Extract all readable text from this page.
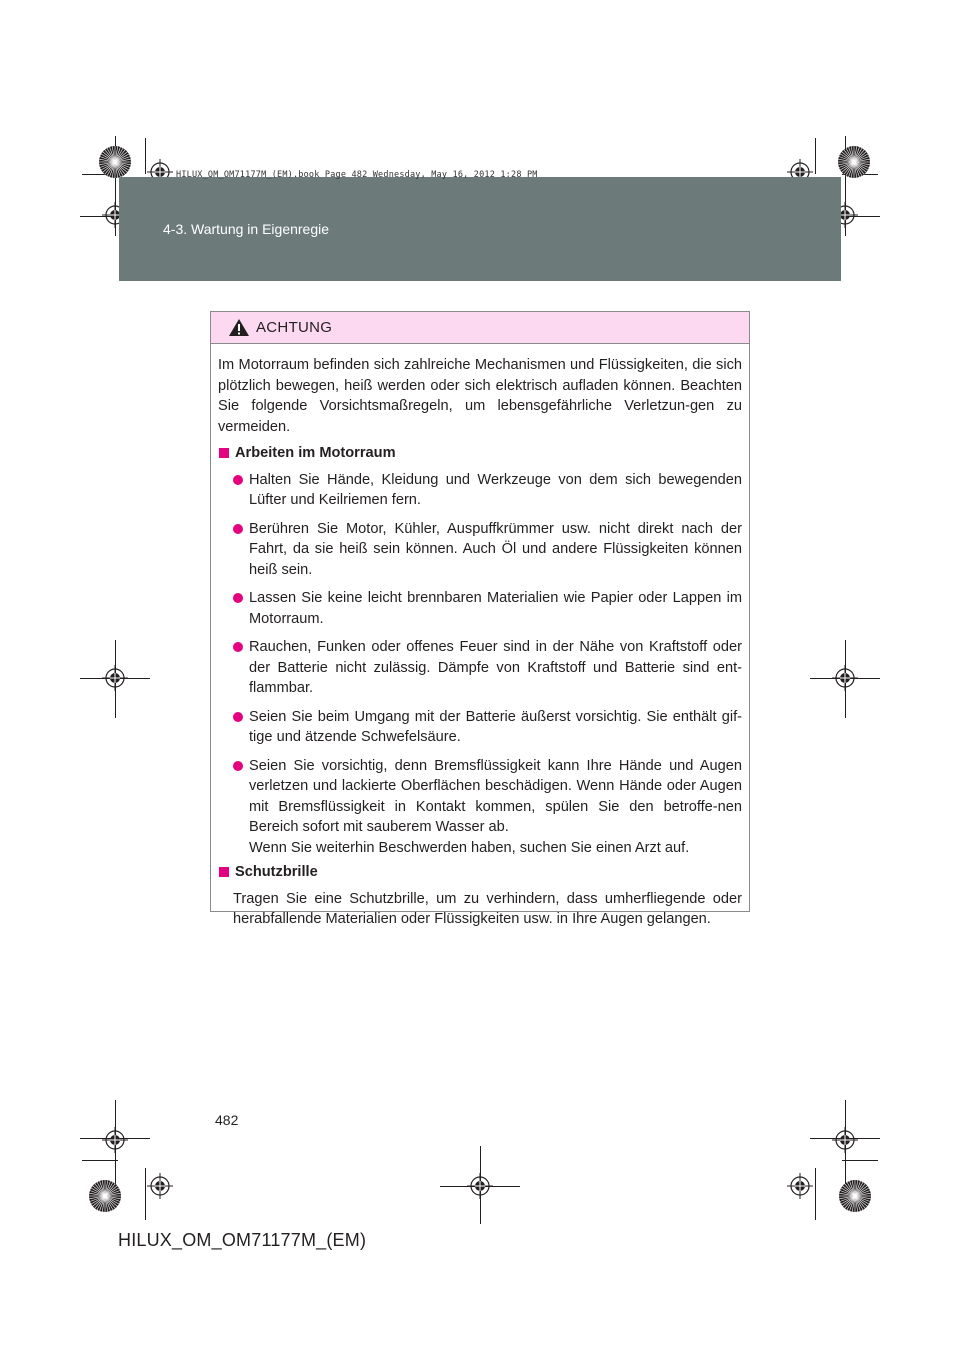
4-3. Wartung in Eigenregie
HILUX_OM_OM71177M_(EM).book Page 482 Wednesday, May 16, 2012 1:28 PM
ACHTUNG

Im Motorraum befinden sich zahlreiche Mechanismen und Flüssigkeiten, die sich plötzlich bewegen, heiß werden oder sich elektrisch aufladen können. Beachten Sie folgende Vorsichtsmaßregeln, um lebensgefährliche Verletzun-gen zu vermeiden.

Arbeiten im Motorraum

Halten Sie Hände, Kleidung und Werkzeuge von dem sich bewegenden Lüfter und Keilriemen fern.

Berühren Sie Motor, Kühler, Auspuffkrümmer usw. nicht direkt nach der Fahrt, da sie heiß sein können. Auch Öl und andere Flüssigkeiten können heiß sein.

Lassen Sie keine leicht brennbaren Materialien wie Papier oder Lappen im Motorraum.

Rauchen, Funken oder offenes Feuer sind in der Nähe von Kraftstoff oder der Batterie nicht zulässig. Dämpfe von Kraftstoff und Batterie sind ent-flammbar.

Seien Sie beim Umgang mit der Batterie äußerst vorsichtig. Sie enthält gif-tige und ätzende Schwefelsäure.

Seien Sie vorsichtig, denn Bremsflüssigkeit kann Ihre Hände und Augen verletzen und lackierte Oberflächen beschädigen. Wenn Hände oder Augen mit Bremsflüssigkeit in Kontakt kommen, spülen Sie den betroffe-nen Bereich sofort mit sauberem Wasser ab.
Wenn Sie weiterhin Beschwerden haben, suchen Sie einen Arzt auf.

Schutzbrille

Tragen Sie eine Schutzbrille, um zu verhindern, dass umherfliegende oder herabfallende Materialien oder Flüssigkeiten usw. in Ihre Augen gelangen.

482
HILUX_OM_OM71177M_(EM)
